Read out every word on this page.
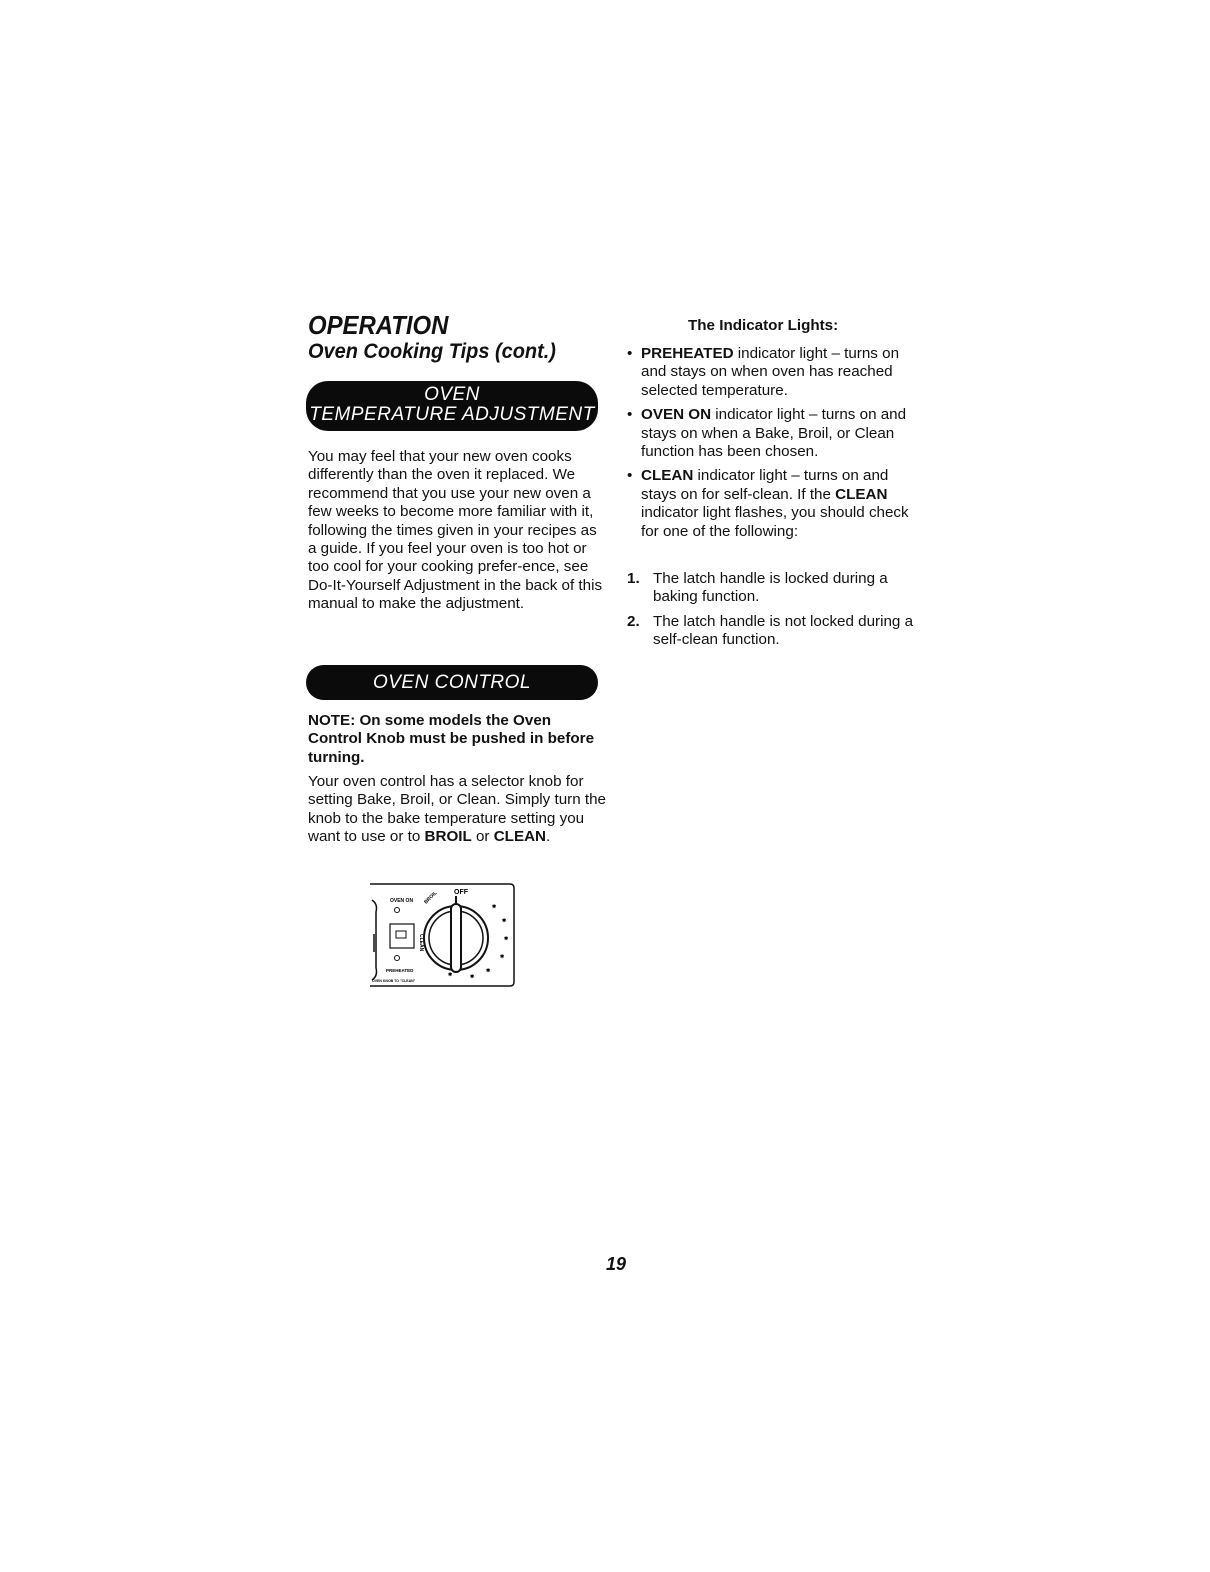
OPERATION
Oven Cooking Tips (cont.)
OVEN
TEMPERATURE ADJUSTMENT

You may feel that your new oven cooks differently than the oven it replaced. We recommend that you use your new oven a few weeks to become more familiar with it, following the times given in your recipes as a guide. If you feel your oven is too hot or too cool for your cooking prefer-ence, see Do-It-Yourself Adjustment in the back of this manual to make the adjustment.

OVEN CONTROL

NOTE: On some models the Oven Control Knob must be pushed in before turning.

Your oven control has a selector knob for setting Bake, Broil, or Clean. Simply turn the knob to the bake temperature setting you want to use or to BROIL or CLEAN.

OVEN ON
OFF
CLEAN
BROIL
PREHEATED
OVEN KNOB TO "CLEAN"
✱
✱
✱
✱
✱
✱
✱
The Indicator Lights:
• PREHEATED indicator light – turns on and stays on when oven has reached selected temperature.
• OVEN ON indicator light – turns on and stays on when a Bake, Broil, or Clean function has been chosen.
• CLEAN indicator light – turns on and stays on for self-clean. If the CLEAN indicator light flashes, you should check for one of the following:
1. The latch handle is locked during a baking function.
2. The latch handle is not locked during a self-clean function.
19
